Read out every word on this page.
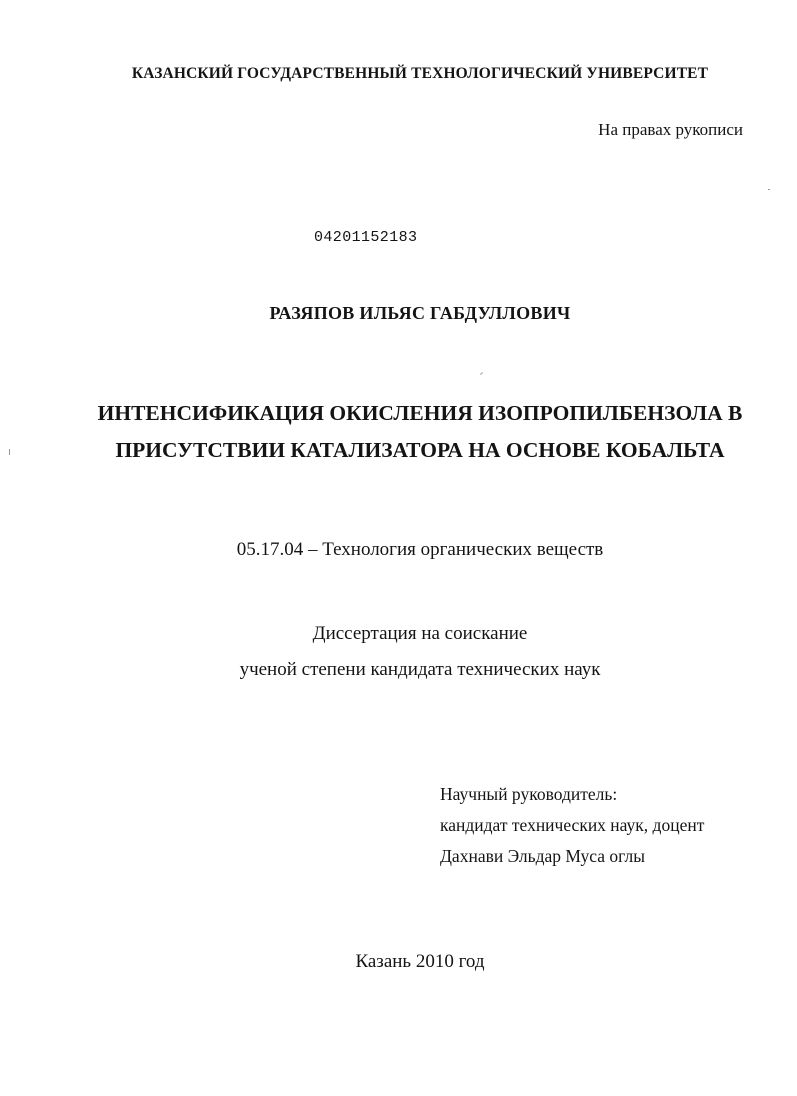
КАЗАНСКИЙ ГОСУДАРСТВЕННЫЙ ТЕХНОЛОГИЧЕСКИЙ УНИВЕРСИТЕТ
На правах рукописи
04201152183
РАЗЯПОВ ИЛЬЯС ГАБДУЛЛОВИЧ
ИНТЕНСИФИКАЦИЯ ОКИСЛЕНИЯ ИЗОПРОПИЛБЕНЗОЛА В
ПРИСУТСТВИИ КАТАЛИЗАТОРА НА ОСНОВЕ КОБАЛЬТА
05.17.04 – Технология органических веществ
Диссертация на соискание
ученой степени кандидата технических наук
Научный руководитель:
кандидат технических наук, доцент
Дахнави Эльдар Муса оглы
Казань 2010 год
